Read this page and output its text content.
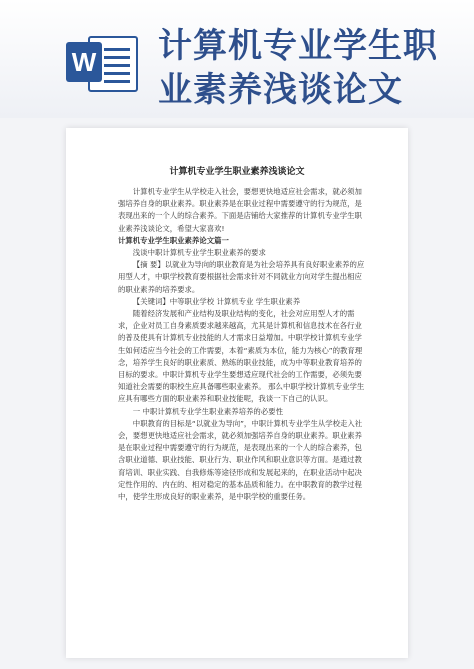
W 计算机专业学生职
业素养浅谈论文
计算机专业学生职业素养浅谈论文

计算机专业学生从学校走入社会，要想更快地适应社会需求，就必须加强培养自身的职业素养。职业素养是在职业过程中需要遵守的行为规范，是表现出来的一个人的综合素养。下面是店铺给大家推荐的计算机专业学生职业素养浅谈论文，希望大家喜欢!

计算机专业学生职业素养论文篇一

浅谈中职计算机专业学生职业素养的要求

【摘 要】以就业为导向的职业教育是为社会培养具有良好职业素养的应用型人才，中职学校教育要根据社会需求针对不同就业方向对学生提出相应的职业素养的培养要求。

【关键词】中等职业学校 计算机专业 学生职业素养

随着经济发展和产业结构及职业结构的变化，社会对应用型人才的需求，企业对员工自身素质要求越来越高，尤其是计算机和信息技术在各行业的普及使具有计算机专业技能的人才需求日益增加。中职学校计算机专业学生如何适应当今社会的工作需要，本着“素质为本位，能力为核心”的教育理念，培养学生良好的职业素质、熟练的职业技能，成为中等职业教育培养的目标的要求。中职计算机专业学生要想适应现代社会的工作需要，必须先要知道社会需要的职校生应具备哪些职业素养。 那么中职学校计算机专业学生应具有哪些方面的职业素养和职业技能呢，我谈一下自己的认识。

一 中职计算机专业学生职业素养培养的必要性

中职教育的目标是“以就业为导向”，中职计算机专业学生从学校走入社会，要想更快地适应社会需求，就必须加强培养自身的职业素养。职业素养是在职业过程中需要遵守的行为规范，是表现出来的一个人的综合素养，包含职业道德、职业技能、职业行为、职业作风和职业意识等方面。是通过教育培训、职业实践、自我修炼等途径形成和发展起来的，在职业活动中起决定性作用的、内在的、相对稳定的基本品质和能力。在中职教育的教学过程中，使学生形成良好的职业素养，是中职学校的重要任务。
